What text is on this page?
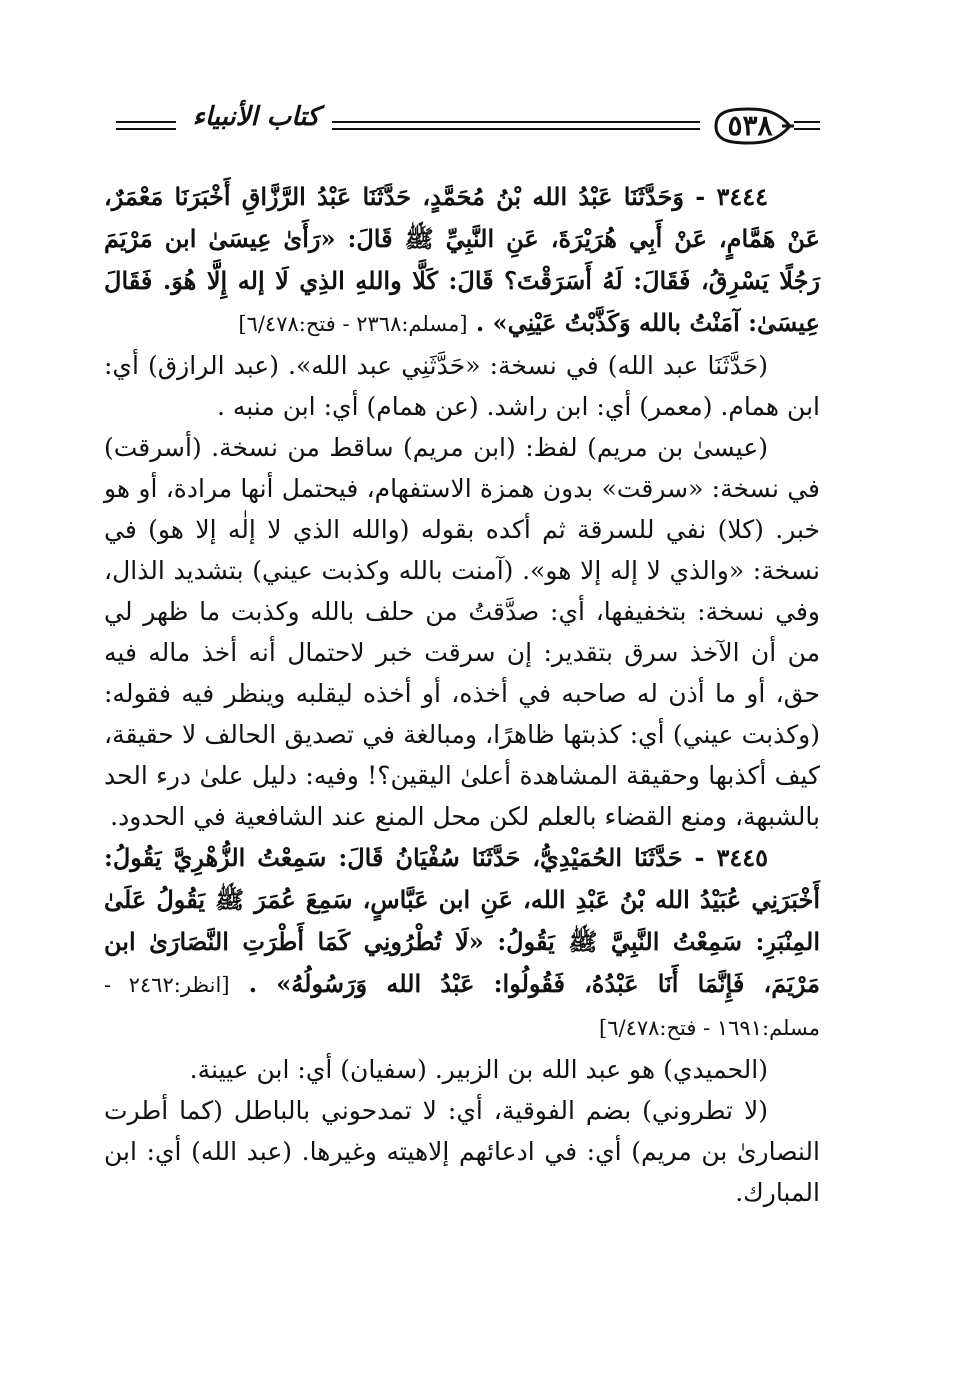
كتاب الأنبياء	٥٣٨

٣٤٤٤ - وَحَدَّثَنَا عَبْدُ الله بْنُ مُحَمَّدٍ، حَدَّثَنَا عَبْدُ الرَّزَّاقِ أَخْبَرَنَا مَعْمَرٌ، عَنْ هَمَّامٍ، عَنْ أَبِي هُرَيْرَةَ، عَنِ النَّبِيِّ ﷺ قَالَ: «رَأَىٰ عِيسَىٰ ابن مَرْيَمَ رَجُلًا يَسْرِقُ، فَقَالَ: لَهُ أَسَرَقْتَ؟ قَالَ: كَلَّا واللهِ الذِي لَا إله إِلَّا هُوَ. فَقَالَ عِيسَىٰ: آمَنْتُ بالله وَكَذَّبْتُ عَيْنِي» . [مسلم:٢٣٦٨ - فتح:٦/٤٧٨]

(حَدَّثَنَا عبد الله) في نسخة: «حَدَّثَنِي عبد الله». (عبد الرازق) أي: ابن همام. (معمر) أي: ابن راشد. (عن همام) أي: ابن منبه .

(عيسىٰ بن مريم) لفظ: (ابن مريم) ساقط من نسخة. (أسرقت) في نسخة: «سرقت» بدون همزة الاستفهام، فيحتمل أنها مرادة، أو هو خبر. (كلا) نفي للسرقة ثم أكده بقوله (والله الذي لا إلٰه إلا هو) في نسخة: «والذي لا إله إلا هو». (آمنت بالله وكذبت عيني) بتشديد الذال، وفي نسخة: بتخفيفها، أي: صدَّقتُ من حلف بالله وكذبت ما ظهر لي من أن الآخذ سرق بتقدير: إن سرقت خبر لاحتمال أنه أخذ ماله فيه حق، أو ما أذن له صاحبه في أخذه، أو أخذه ليقلبه وينظر فيه فقوله: (وكذبت عيني) أي: كذبتها ظاهرًا، ومبالغة في تصديق الحالف لا حقيقة، كيف أكذبها وحقيقة المشاهدة أعلىٰ اليقين؟! وفيه: دليل علىٰ درء الحد بالشبهة، ومنع القضاء بالعلم لكن محل المنع عند الشافعية في الحدود.

٣٤٤٥ - حَدَّثَنَا الحُمَيْدِيُّ، حَدَّثَنَا سُفْيَانُ قَالَ: سَمِعْتُ الزُّهْرِيَّ يَقُولُ: أَخْبَرَنِي عُبَيْدُ الله بْنُ عَبْدِ الله، عَنِ ابن عَبَّاسٍ، سَمِعَ عُمَرَ ﷺ يَقُولُ عَلَىٰ المِنْبَرِ: سَمِعْتُ النَّبِيَّ ﷺ يَقُولُ: «لَا تُطْرُونِي كَمَا أَطْرَتِ النَّصَارَىٰ ابن مَرْيَمَ، فَإِنَّمَا أَنَا عَبْدُهُ، فَقُولُوا: عَبْدُ الله وَرَسُولُهُ» . [انظر:٢٤٦٢ - مسلم:١٦٩١ - فتح:٦/٤٧٨]

(الحميدي) هو عبد الله بن الزبير. (سفيان) أي: ابن عيينة.

(لا تطروني) بضم الفوقية، أي: لا تمدحوني بالباطل (كما أطرت النصارىٰ بن مريم) أي: في ادعائهم إلاهيته وغيرها. (عبد الله) أي: ابن المبارك.
